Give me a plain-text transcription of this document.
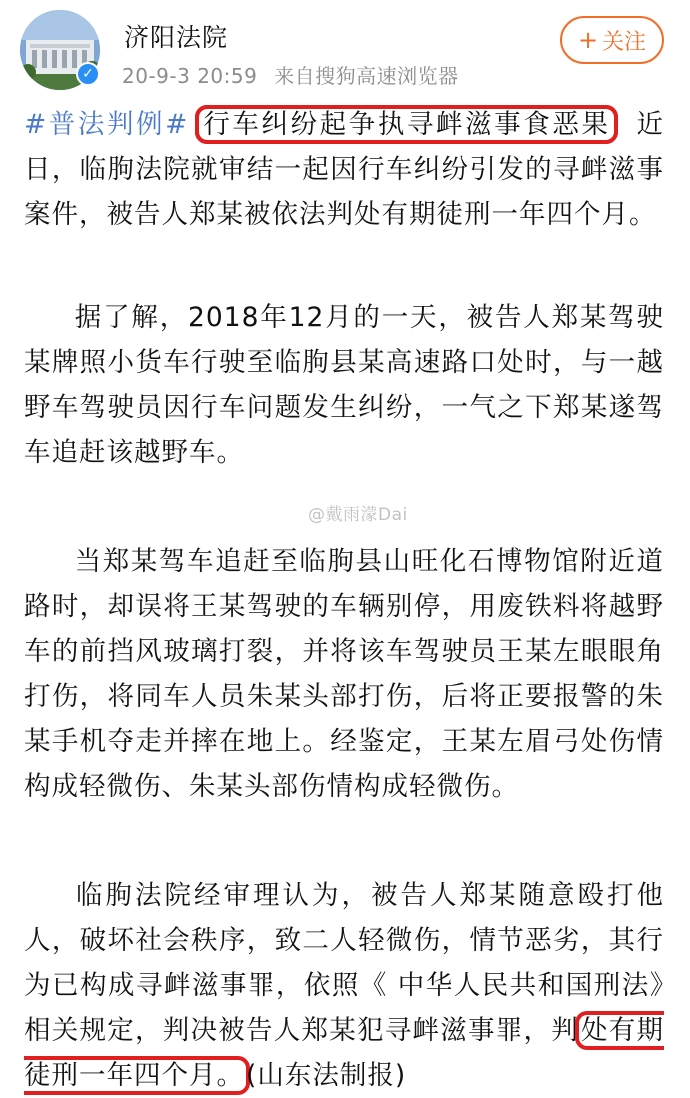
✓
济阳法院
20-9-3 20:59 来自搜狗高速浏览器
+ 关注

#普法判例# 行车纠纷起争执寻衅滋事食恶果 近日，临朐法院就审结一起因行车纠纷引发的寻衅滋事案件，被告人郑某被依法判处有期徒刑一年四个月。

据了解，2018年12月的一天，被告人郑某驾驶某牌照小货车行驶至临朐县某高速路口处时，与一越野车驾驶员因行车问题发生纠纷，一气之下郑某遂驾车追赶该越野车。

当郑某驾车追赶至临朐县山旺化石博物馆附近道路时，却误将王某驾驶的车辆别停，用废铁料将越野车的前挡风玻璃打裂，并将该车驾驶员王某左眼眼角打伤，将同车人员朱某头部打伤，后将正要报警的朱某手机夺走并摔在地上。经鉴定，王某左眉弓处伤情构成轻微伤、朱某头部伤情构成轻微伤。

临朐法院经审理认为，被告人郑某随意殴打他人，破坏社会秩序，致二人轻微伤，情节恶劣，其行为已构成寻衅滋事罪，依照《 中华人民共和国刑法》相关规定，判决被告人郑某犯寻衅滋事罪，判处有期徒刑一年四个月。(山东法制报)

@戴雨濛Dai
